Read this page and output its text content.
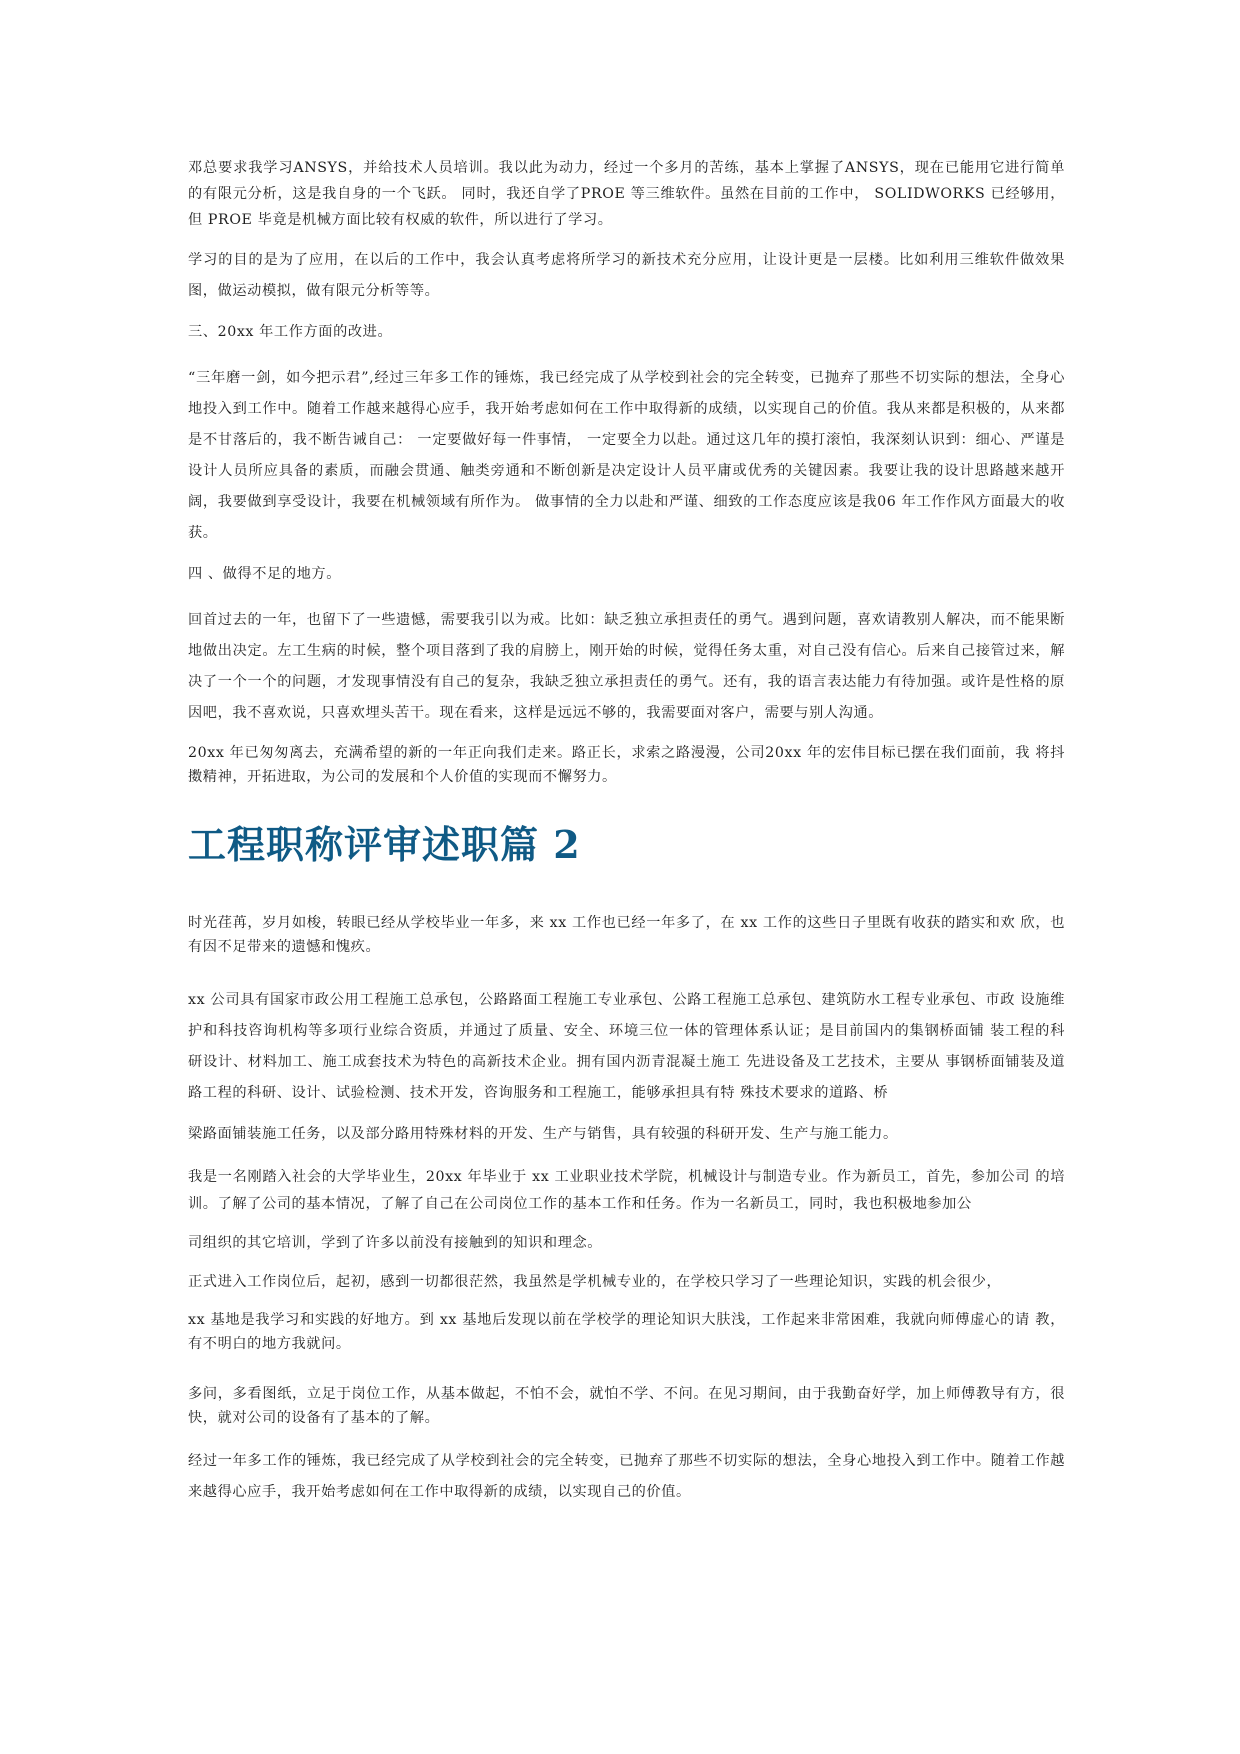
邓总要求我学习ANSYS，并给技术人员培训。我以此为动力，经过一个多月的苦练，基本上掌握了ANSYS，现在已能用它进行简单的有限元分析，这是我自身的一个飞跃。 同时，我还自学了PROE 等三维软件。虽然在目前的工作中， SOLIDWORKS 已经够用，但 PROE 毕竟是机械方面比较有权威的软件，所以进行了学习。

学习的目的是为了应用，在以后的工作中，我会认真考虑将所学习的新技术充分应用，让设计更是一层楼。比如利用三维软件做效果图，做运动模拟，做有限元分析等等。

三、20xx 年工作方面的改进。

“三年磨一剑，如今把示君”,经过三年多工作的锤炼，我已经完成了从学校到社会的完全转变，已抛弃了那些不切实际的想法，全身心地投入到工作中。随着工作越来越得心应手，我开始考虑如何在工作中取得新的成绩，以实现自己的价值。我从来都是积极的，从来都是不甘落后的，我不断告诫自己： 一定要做好每一件事情， 一定要全力以赴。通过这几年的摸打滚怕，我深刻认识到：细心、严谨是设计人员所应具备的素质，而融会贯通、触类旁通和不断创新是决定设计人员平庸或优秀的关键因素。我要让我的设计思路越来越开阔，我要做到享受设计，我要在机械领域有所作为。 做事情的全力以赴和严谨、细致的工作态度应该是我06 年工作作风方面最大的收获。

四 、做得不足的地方。

回首过去的一年，也留下了一些遗憾，需要我引以为戒。比如：缺乏独立承担责任的勇气。遇到问题，喜欢请教别人解决，而不能果断地做出决定。左工生病的时候，整个项目落到了我的肩膀上，刚开始的时候，觉得任务太重，对自己没有信心。后来自己接管过来，解决了一个一个的问题，才发现事情没有自己的复杂，我缺乏独立承担责任的勇气。还有，我的语言表达能力有待加强。或许是性格的原因吧，我不喜欢说，只喜欢埋头苦干。现在看来，这样是远远不够的，我需要面对客户，需要与别人沟通。

20xx 年已匆匆离去，充满希望的新的一年正向我们走来。路正长，求索之路漫漫，公司20xx 年的宏伟目标已摆在我们面前，我 将抖擞精神，开拓进取，为公司的发展和个人价值的实现而不懈努力。

工程职称评审述职篇 2

时光荏苒，岁月如梭，转眼已经从学校毕业一年多，来 xx 工作也已经一年多了，在 xx 工作的这些日子里既有收获的踏实和欢 欣，也有因不足带来的遗憾和愧疚。

xx 公司具有国家市政公用工程施工总承包，公路路面工程施工专业承包、公路工程施工总承包、建筑防水工程专业承包、市政 设施维护和科技咨询机构等多项行业综合资质，并通过了质量、安全、环境三位一体的管理体系认证；是目前国内的集钢桥面铺 装工程的科研设计、材料加工、施工成套技术为特色的高新技术企业。拥有国内沥青混凝土施工 先进设备及工艺技术，主要从 事钢桥面铺装及道路工程的科研、设计、试验检测、技术开发，咨询服务和工程施工，能够承担具有特 殊技术要求的道路、桥

梁路面铺装施工任务，以及部分路用特殊材料的开发、生产与销售，具有较强的科研开发、生产与施工能力。

我是一名刚踏入社会的大学毕业生，20xx 年毕业于 xx 工业职业技术学院，机械设计与制造专业。作为新员工，首先，参加公司 的培训。了解了公司的基本情况，了解了自己在公司岗位工作的基本工作和任务。作为一名新员工，同时，我也积极地参加公

司组织的其它培训，学到了许多以前没有接触到的知识和理念。

正式进入工作岗位后，起初，感到一切都很茫然，我虽然是学机械专业的，在学校只学习了一些理论知识，实践的机会很少，

xx 基地是我学习和实践的好地方。到 xx 基地后发现以前在学校学的理论知识大肤浅，工作起来非常困难，我就向师傅虚心的请 教，有不明白的地方我就问。

多问，多看图纸，立足于岗位工作，从基本做起，不怕不会，就怕不学、不问。在见习期间，由于我勤奋好学，加上师傅教导有方，很快，就对公司的设备有了基本的了解。

经过一年多工作的锤炼，我已经完成了从学校到社会的完全转变，已抛弃了那些不切实际的想法，全身心地投入到工作中。随着工作越来越得心应手，我开始考虑如何在工作中取得新的成绩，以实现自己的价值。
